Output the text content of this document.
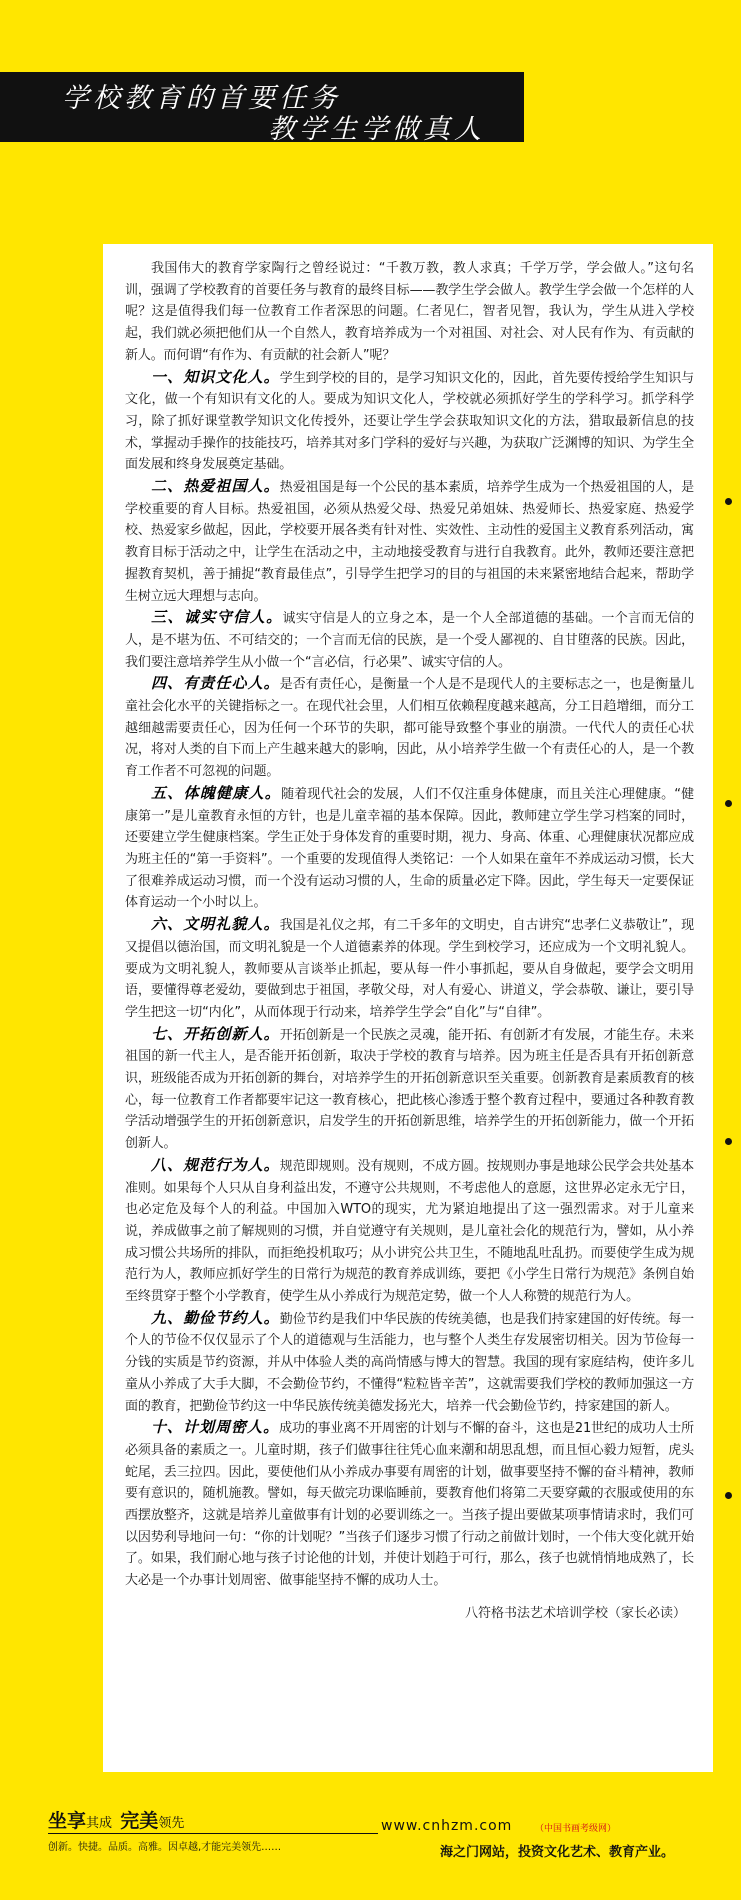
学校教育的首要任务
教学生学做真人

我国伟大的教育学家陶行之曾经说过：“千教万教，教人求真；千学万学，学会做人。”这句名训，强调了学校教育的首要任务与教育的最终目标——教学生学会做人。教学生学会做一个怎样的人呢？这是值得我们每一位教育工作者深思的问题。仁者见仁，智者见智，我认为，学生从进入学校起，我们就必须把他们从一个自然人，教育培养成为一个对祖国、对社会、对人民有作为、有贡献的新人。而何谓“有作为、有贡献的社会新人”呢？

一、知识文化人。学生到学校的目的，是学习知识文化的，因此，首先要传授给学生知识与文化，做一个有知识有文化的人。要成为知识文化人，学校就必须抓好学生的学科学习。抓学科学习，除了抓好课堂教学知识文化传授外，还要让学生学会获取知识文化的方法，猎取最新信息的技术，掌握动手操作的技能技巧，培养其对多门学科的爱好与兴趣，为获取广泛渊博的知识、为学生全面发展和终身发展奠定基础。

二、热爱祖国人。热爱祖国是每一个公民的基本素质，培养学生成为一个热爱祖国的人，是学校重要的育人目标。热爱祖国，必须从热爱父母、热爱兄弟姐妹、热爱师长、热爱家庭、热爱学校、热爱家乡做起，因此，学校要开展各类有针对性、实效性、主动性的爱国主义教育系列活动，寓教育目标于活动之中，让学生在活动之中，主动地接受教育与进行自我教育。此外，教师还要注意把握教育契机，善于捕捉“教育最佳点”，引导学生把学习的目的与祖国的未来紧密地结合起来，帮助学生树立远大理想与志向。

三、诚实守信人。诚实守信是人的立身之本，是一个人全部道德的基础。一个言而无信的人，是不堪为伍、不可结交的；一个言而无信的民族，是一个受人鄙视的、自甘堕落的民族。因此，我们要注意培养学生从小做一个“言必信，行必果”、诚实守信的人。

四、有责任心人。是否有责任心，是衡量一个人是不是现代人的主要标志之一，也是衡量儿童社会化水平的关键指标之一。在现代社会里，人们相互依赖程度越来越高，分工日趋增细，而分工越细越需要责任心，因为任何一个环节的失职，都可能导致整个事业的崩溃。一代代人的责任心状况，将对人类的自下而上产生越来越大的影响，因此，从小培养学生做一个有责任心的人，是一个教育工作者不可忽视的问题。

五、体魄健康人。随着现代社会的发展，人们不仅注重身体健康，而且关注心理健康。“健康第一”是儿童教育永恒的方针，也是儿童幸福的基本保障。因此，教师建立学生学习档案的同时，还要建立学生健康档案。学生正处于身体发育的重要时期，视力、身高、体重、心理健康状况都应成为班主任的“第一手资料”。一个重要的发现值得人类铭记：一个人如果在童年不养成运动习惯，长大了很难养成运动习惯，而一个没有运动习惯的人，生命的质量必定下降。因此，学生每天一定要保证体育运动一个小时以上。

六、文明礼貌人。我国是礼仪之邦，有二千多年的文明史，自古讲究“忠孝仁义恭敬让”，现又提倡以德治国，而文明礼貌是一个人道德素养的体现。学生到校学习，还应成为一个文明礼貌人。要成为文明礼貌人，教师要从言谈举止抓起，要从每一件小事抓起，要从自身做起，要学会文明用语，要懂得尊老爱幼，要做到忠于祖国，孝敬父母，对人有爱心、讲道义，学会恭敬、谦让，要引导学生把这一切“内化”，从而体现于行动来，培养学生学会“自化”与“自律”。

七、开拓创新人。开拓创新是一个民族之灵魂，能开拓、有创新才有发展，才能生存。未来祖国的新一代主人，是否能开拓创新，取决于学校的教育与培养。因为班主任是否具有开拓创新意识，班级能否成为开拓创新的舞台，对培养学生的开拓创新意识至关重要。创新教育是素质教育的核心，每一位教育工作者都要牢记这一教育核心，把此核心渗透于整个教育过程中，要通过各种教育教学活动增强学生的开拓创新意识，启发学生的开拓创新思维，培养学生的开拓创新能力，做一个开拓创新人。

八、规范行为人。规范即规则。没有规则，不成方圆。按规则办事是地球公民学会共处基本准则。如果每个人只从自身利益出发，不遵守公共规则，不考虑他人的意愿，这世界必定永无宁日，也必定危及每个人的利益。中国加入WTO的现实，尤为紧迫地提出了这一强烈需求。对于儿童来说，养成做事之前了解规则的习惯，并自觉遵守有关规则，是儿童社会化的规范行为，譬如，从小养成习惯公共场所的排队，而拒绝投机取巧；从小讲究公共卫生，不随地乱吐乱扔。而要使学生成为规范行为人，教师应抓好学生的日常行为规范的教育养成训练，要把《小学生日常行为规范》条例自始至终贯穿于整个小学教育，使学生从小养成行为规范定势，做一个人人称赞的规范行为人。

九、勤俭节约人。勤俭节约是我们中华民族的传统美德，也是我们持家建国的好传统。每一个人的节俭不仅仅显示了个人的道德观与生活能力，也与整个人类生存发展密切相关。因为节俭每一分钱的实质是节约资源，并从中体验人类的高尚情感与博大的智慧。我国的现有家庭结构，使许多儿童从小养成了大手大脚，不会勤俭节约，不懂得“粒粒皆辛苦”，这就需要我们学校的教师加强这一方面的教育，把勤俭节约这一中华民族传统美德发扬光大，培养一代会勤俭节约，持家建国的新人。

十、计划周密人。成功的事业离不开周密的计划与不懈的奋斗，这也是21世纪的成功人士所必须具备的素质之一。儿童时期，孩子们做事往往凭心血来潮和胡思乱想，而且恒心毅力短暂，虎头蛇尾，丢三拉四。因此，要使他们从小养成办事要有周密的计划，做事要坚持不懈的奋斗精神，教师要有意识的，随机施教。譬如，每天做完功课临睡前，要教育他们将第二天要穿戴的衣服或使用的东西摆放整齐，这就是培养儿童做事有计划的必要训练之一。当孩子提出要做某项事情请求时，我们可以因势利导地问一句：“你的计划呢？”当孩子们逐步习惯了行动之前做计划时，一个伟大变化就开始了。如果，我们耐心地与孩子讨论他的计划，并使计划趋于可行，那么，孩子也就悄悄地成熟了，长大必是一个办事计划周密、做事能坚持不懈的成功人士。

八符格书法艺术培训学校（家长必读）
坐享其成 完美领先
创新。快捷。品质。高雅。因卓越,才能完美领先……
www.cnhzm.com	（中国书画考级网）
海之门网站，投资文化艺术、教育产业。
